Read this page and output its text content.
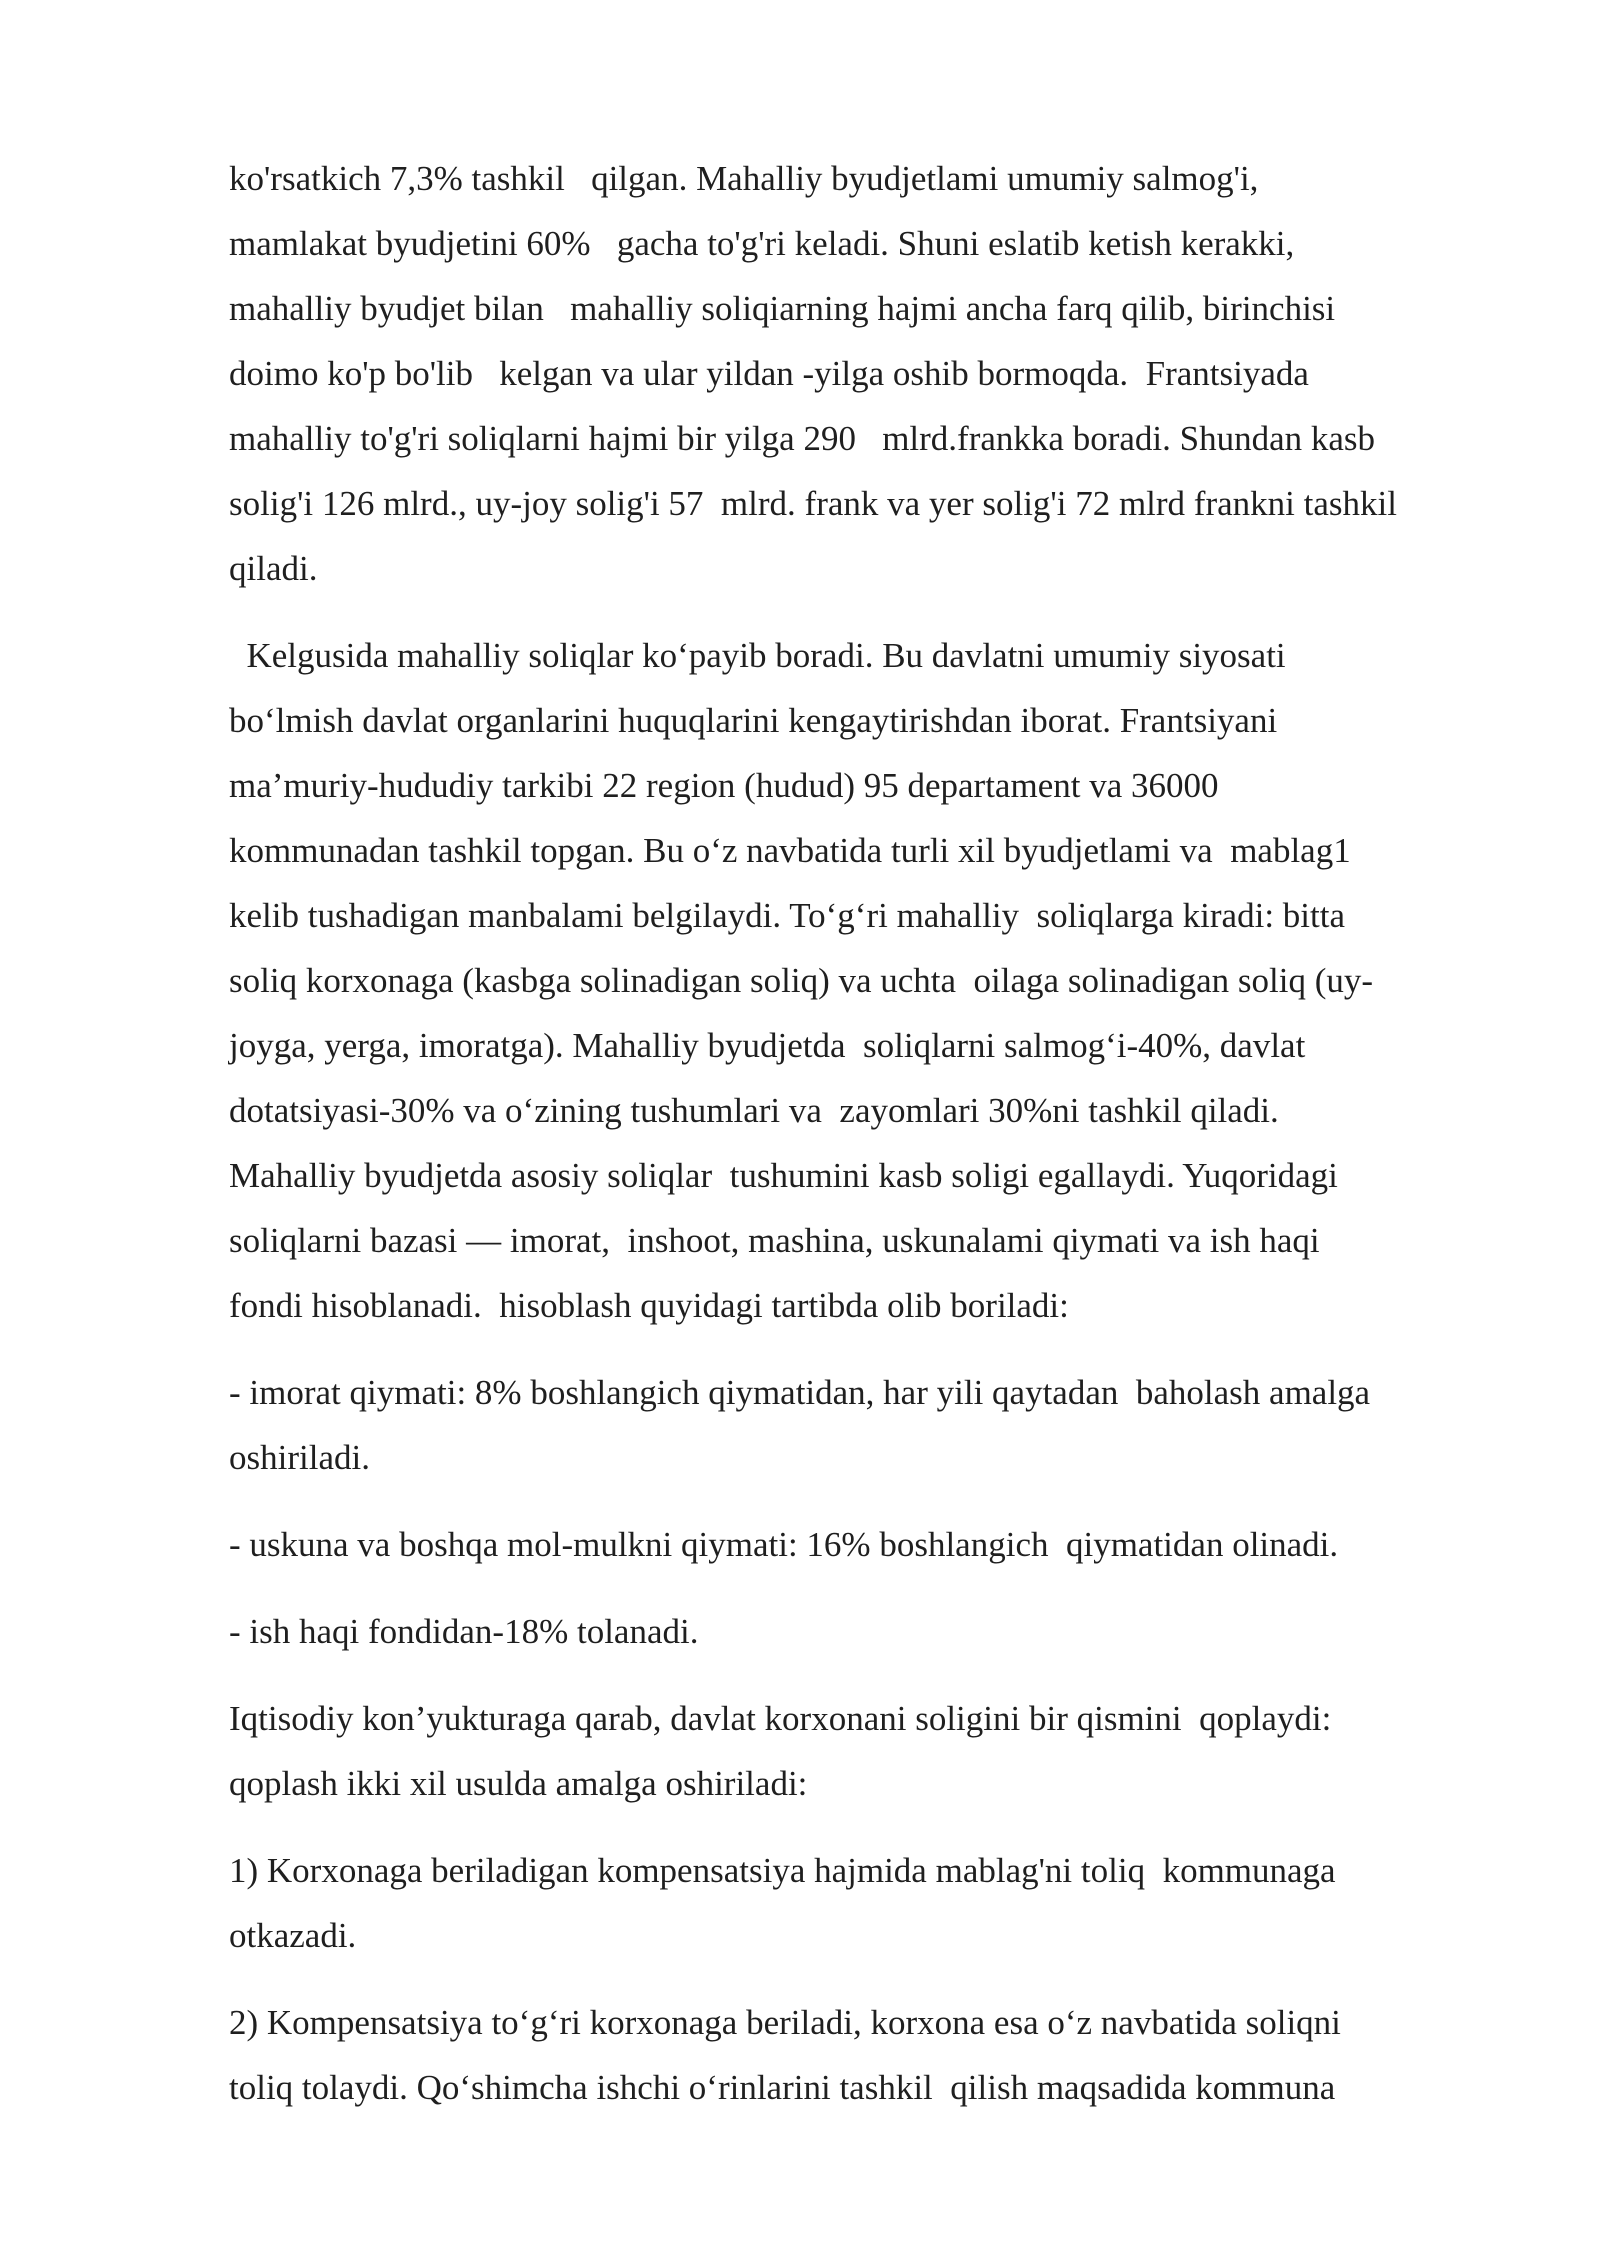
ko'rsatkich 7,3% tashkil   qilgan. Mahalliy byudjetlami umumiy salmog'i,
mamlakat byudjetini 60%   gacha to'g'ri keladi. Shuni eslatib ketish kerakki,
mahalliy byudjet bilan   mahalliy soliqiarning hajmi ancha farq qilib, birinchisi
doimo ko'p bo'lib   kelgan va ular yildan -yilga oshib bormoqda.  Frantsiyada
mahalliy to'g'ri soliqlarni hajmi bir yilga 290   mlrd.frankka boradi. Shundan kasb
solig'i 126 mlrd., uy-joy solig'i 57  mlrd. frank va yer solig'i 72 mlrd frankni tashkil
qiladi.

Kelgusida mahalliy soliqlar ko‘payib boradi. Bu davlatni umumiy siyosati
bo‘lmish davlat organlarini huquqlarini kengaytirishdan iborat. Frantsiyani
ma’muriy-hududiy tarkibi 22 region (hudud) 95 departament va 36000
kommunadan tashkil topgan. Bu o‘z navbatida turli xil byudjetlami va  mablag1
kelib tushadigan manbalami belgilaydi. To‘g‘ri mahalliy  soliqlarga kiradi: bitta
soliq korxonaga (kasbga solinadigan soliq) va uchta  oilaga solinadigan soliq (uy-
joyga, yerga, imoratga). Mahalliy byudjetda  soliqlarni salmog‘i-40%, davlat
dotatsiyasi-30% va o‘zining tushumlari va  zayomlari 30%ni tashkil qiladi.
Mahalliy byudjetda asosiy soliqlar  tushumini kasb soligi egallaydi. Yuqoridagi
soliqlarni bazasi — imorat,  inshoot, mashina, uskunalami qiymati va ish haqi
fondi hisoblanadi.  hisoblash quyidagi tartibda olib boriladi:

- imorat qiymati: 8% boshlangich qiymatidan, har yili qaytadan  baholash amalga
oshiriladi.

- uskuna va boshqa mol-mulkni qiymati: 16% boshlangich  qiymatidan olinadi.

- ish haqi fondidan-18% tolanadi.

Iqtisodiy kon’yukturaga qarab, davlat korxonani soligini bir qismini  qoplaydi:
qoplash ikki xil usulda amalga oshiriladi:

1) Korxonaga beriladigan kompensatsiya hajmida mablag'ni toliq  kommunaga
otkazadi.

2) Kompensatsiya to‘g‘ri korxonaga beriladi, korxona esa o‘z navbatida soliqni
toliq tolaydi. Qo‘shimcha ishchi o‘rinlarini tashkil  qilish maqsadida kommuna
